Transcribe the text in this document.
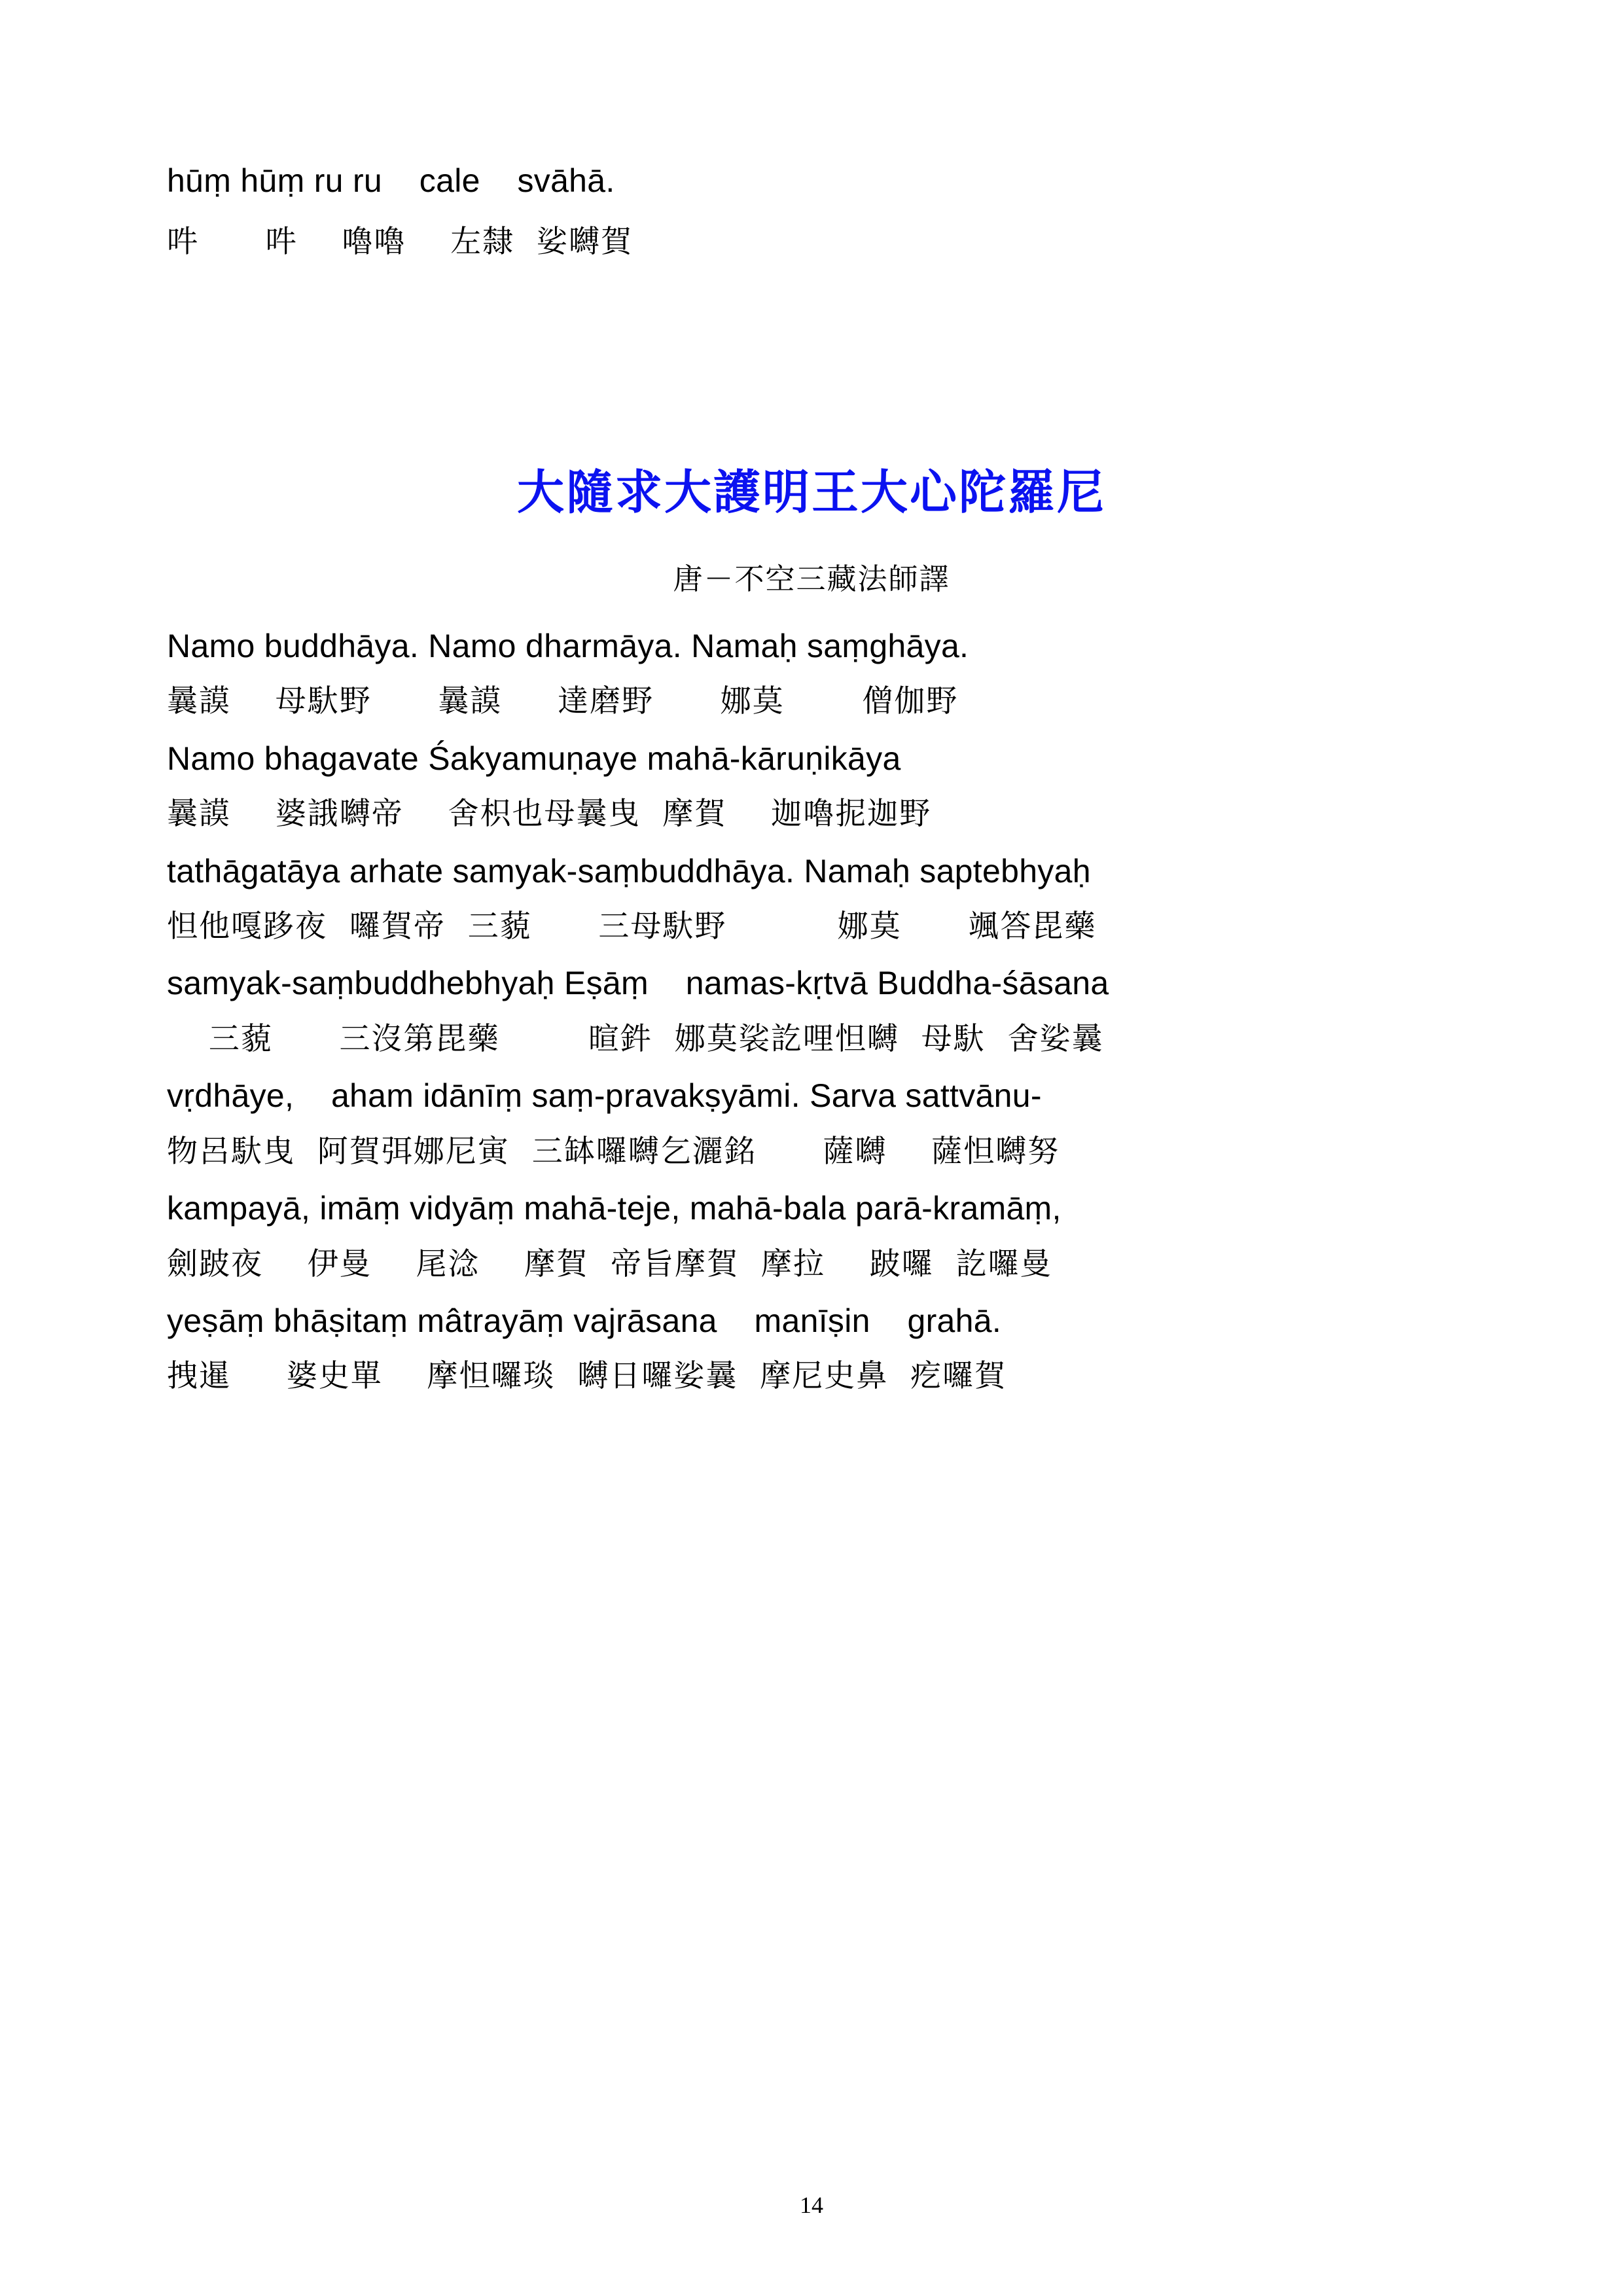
hūṃ hūṃ ru ru    cale    svāhā.
吽      吽    嚕嚕    左隸  娑嚩賀
大隨求大護明王大心陀羅尼
唐－不空三藏法師譯
Namo buddhāya. Namo dharmāya. Namaḥ saṃghāya.
曩謨    母馱野      曩謨     達磨野      娜莫       僧伽野
Namo bhagavate Śakyamuṇaye mahā-kāruṇikāya
曩謨    婆誐嚩帝    舍枳也母曩曳  摩賀    迦嚕抳迦野
tathāgatāya arhate samyak-saṃbuddhāya. Namaḥ saptebhyaḥ
怛他嘎跢夜  囉賀帝  三藐      三母馱野          娜莫      颯答毘藥
samyak-saṃbuddhebhyaḥ Eṣāṃ    namas-kṛtvā Buddha-śāsana
三藐      三沒第毘藥        暄鈝  娜莫裟訖哩怛嚩  母馱  舍娑曩
vṛdhāye,    aham idānīṃ saṃ-pravakṣyāmi. Sarva sattvānu-
物呂馱曳  阿賀弭娜尼寅  三缽囉嚩乞灑銘      薩嚩    薩怛嚩努
kampayā, imāṃ vidyāṃ mahā-teje, mahā-bala parā-kramāṃ,
劍跛夜    伊曼    尾淰    摩賀  帝旨摩賀  摩拉    跛囉  訖囉曼
yeṣāṃ bhāṣitaṃ mâtrayāṃ vajrāsana    manīṣin    grahā.
拽暹     婆史單    摩怛囉琰  嚩日囉娑曩  摩尼史鼻  疙囉賀
14
